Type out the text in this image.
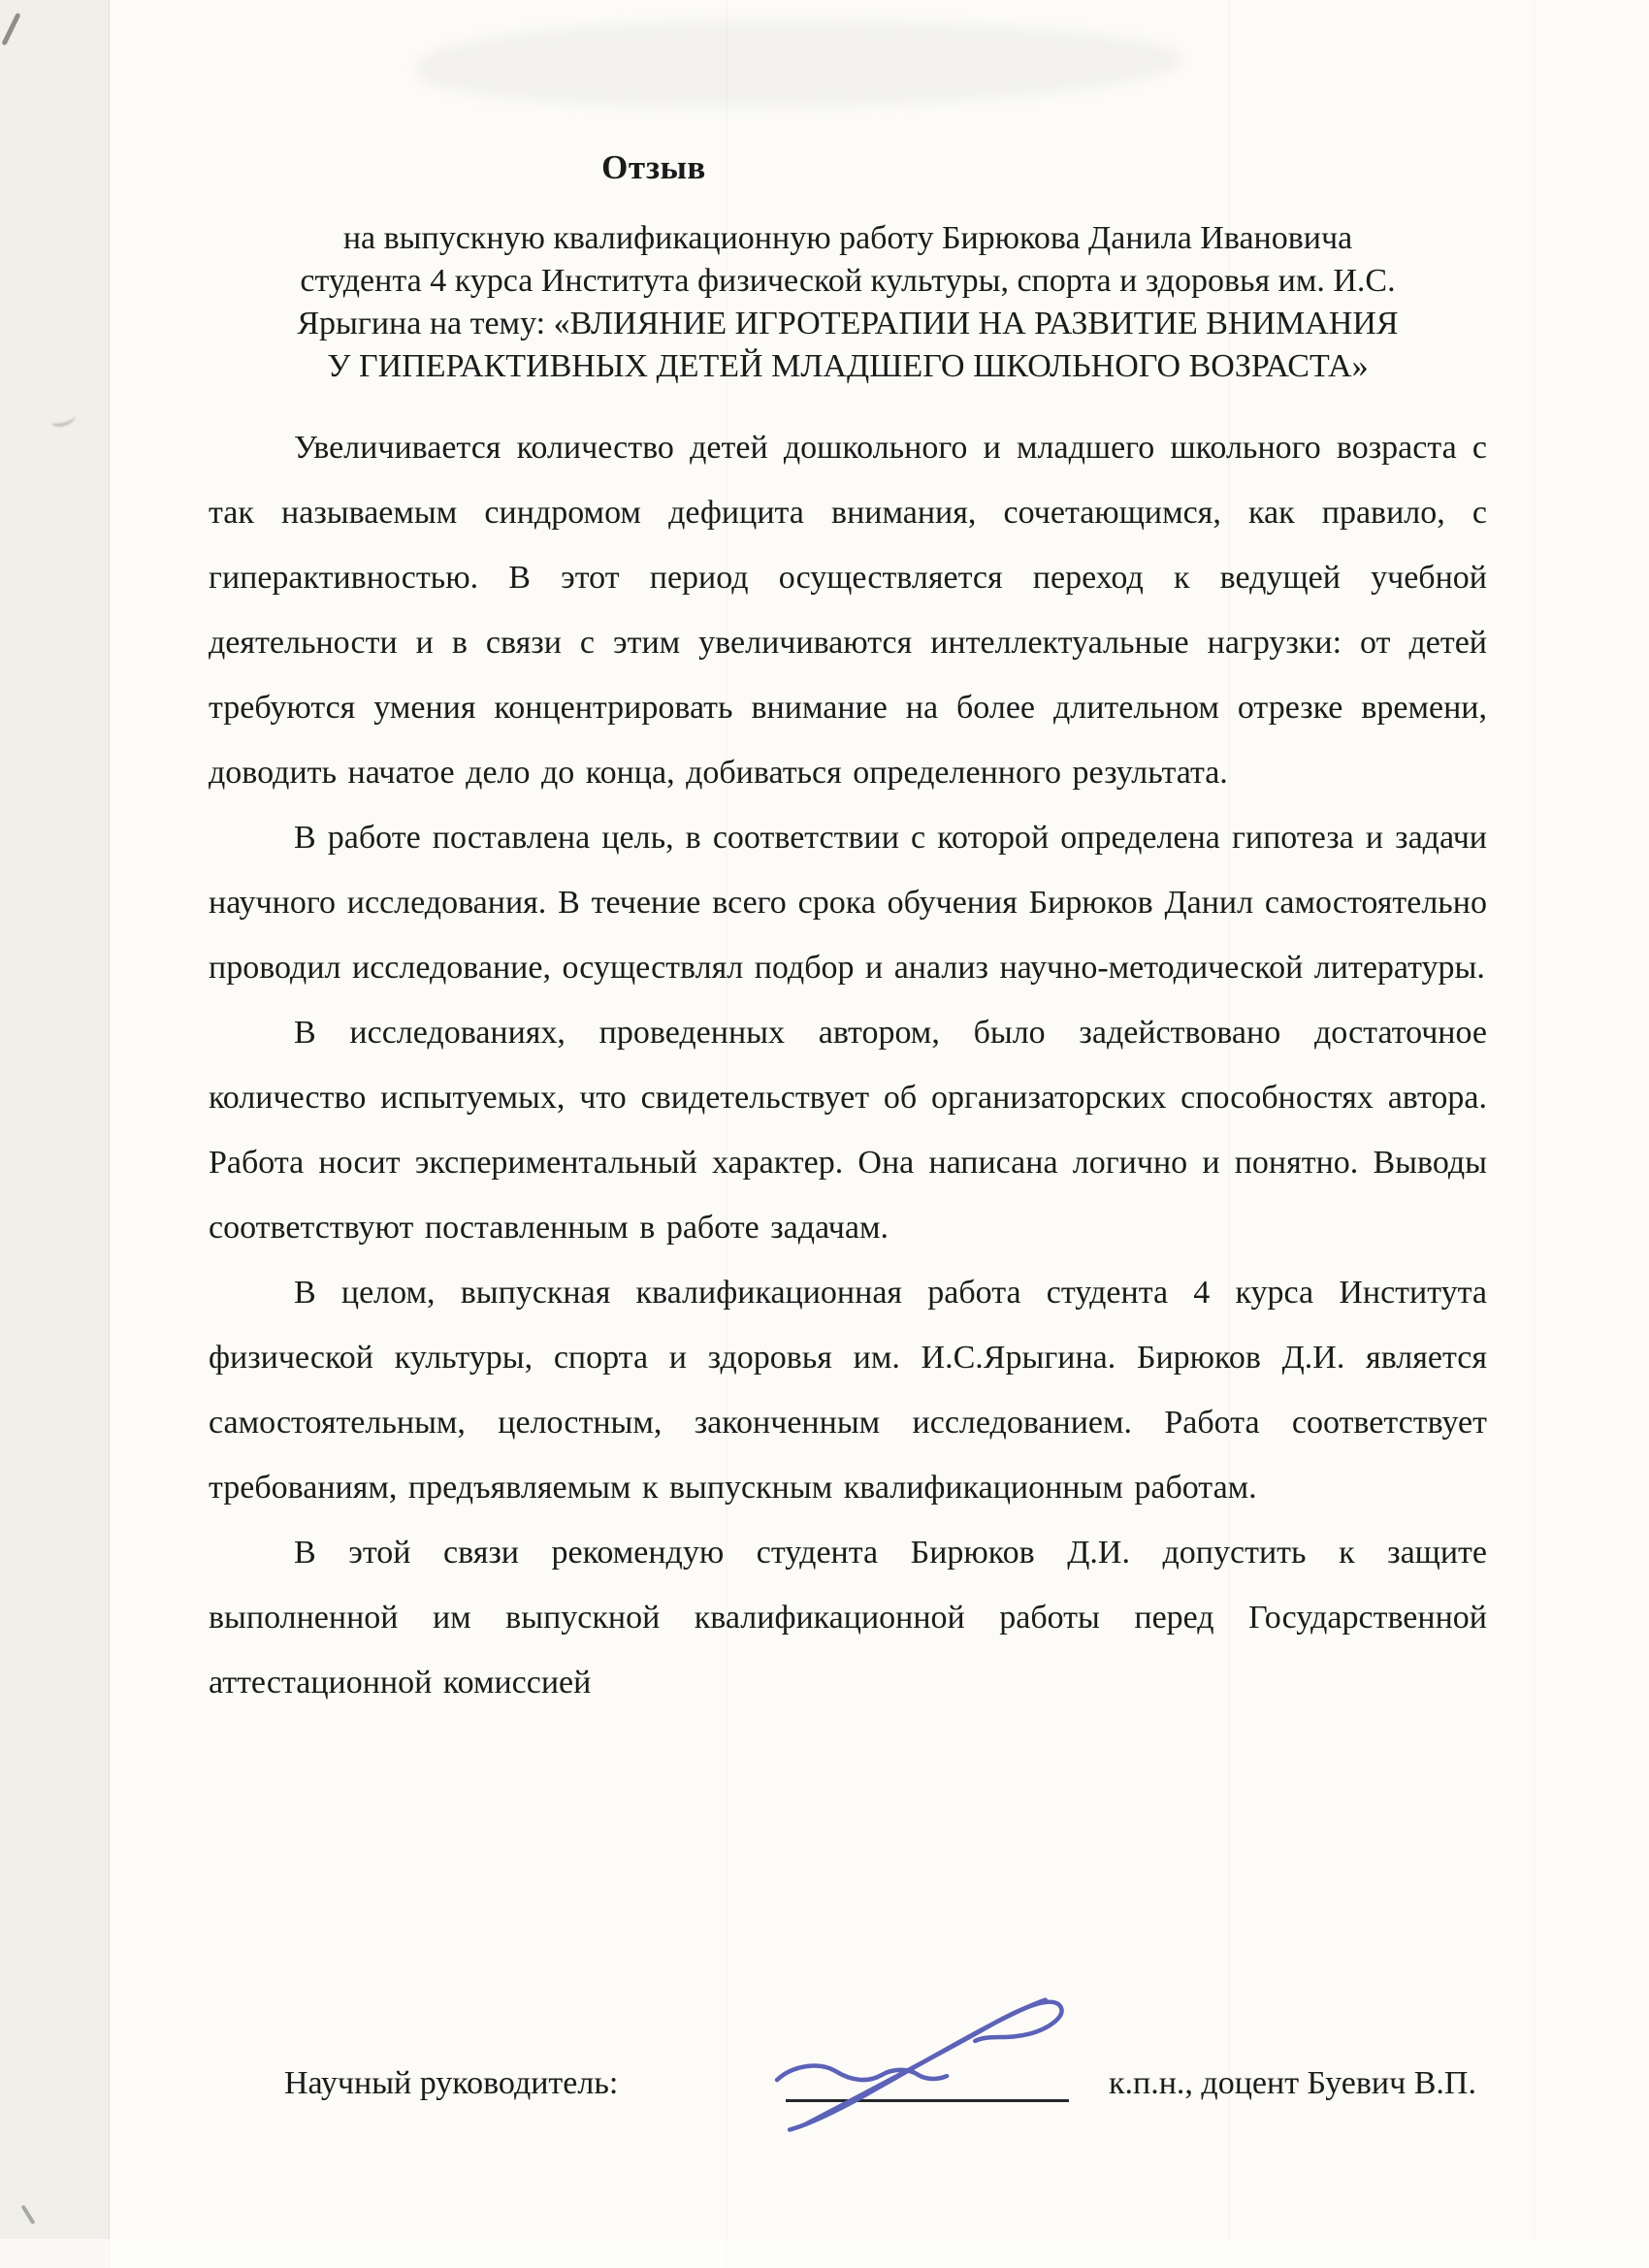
Отзыв
на выпускную квалификационную работу Бирюкова Данила Ивановича
студента 4 курса Института физической культуры, спорта и здоровья им. И.С.
Ярыгина на тему: «ВЛИЯНИЕ ИГРОТЕРАПИИ НА РАЗВИТИЕ ВНИМАНИЯ
У ГИПЕРАКТИВНЫХ ДЕТЕЙ МЛАДШЕГО ШКОЛЬНОГО ВОЗРАСТА»

Увеличивается количество детей дошкольного и младшего школьного возраста с так называемым синдромом дефицита внимания, сочетающимся, как правило, с гиперактивностью. В этот период осуществляется переход к ведущей учебной деятельности и в связи с этим увеличиваются интеллектуальные нагрузки: от детей требуются умения концентрировать внимание на более длительном отрезке времени, доводить начатое дело до конца, добиваться определенного результата.

В работе поставлена цель, в соответствии с которой определена гипотеза и задачи научного исследования. В течение всего срока обучения Бирюков Данил самостоятельно проводил исследование, осуществлял подбор и анализ научно-методической литературы.

В исследованиях, проведенных автором, было задействовано достаточное количество испытуемых, что свидетельствует об организаторских способностях автора. Работа носит экспериментальный характер. Она написана логично и понятно. Выводы соответствуют поставленным в работе задачам.

В целом, выпускная квалификационная работа студента 4 курса Института физической культуры, спорта и здоровья им. И.С.Ярыгина. Бирюков Д.И. является самостоятельным, целостным, законченным исследованием. Работа соответствует требованиям, предъявляемым к выпускным квалификационным работам.

В этой связи рекомендую студента Бирюков Д.И. допустить к защите выполненной им выпускной квалификационной работы перед Государственной аттестационной комиссией

Научный руководитель:	к.п.н., доцент Буевич В.П.
